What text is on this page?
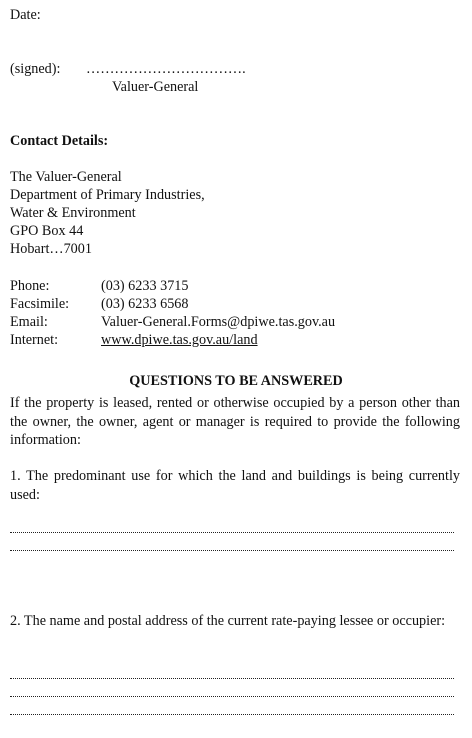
Date:
(signed): …………………………….
Valuer-General
Contact Details:
The Valuer-General
Department of Primary Industries,
Water & Environment
GPO Box 44
Hobart…7001
Phone:	(03) 6233 3715
Facsimile: (03) 6233 6568
Email:	Valuer-General.Forms@dpiwe.tas.gov.au
Internet:	www.dpiwe.tas.gov.au/land
QUESTIONS TO BE ANSWERED
If the property is leased, rented or otherwise occupied by a person other than the owner, the owner, agent or manager is required to provide the following information:
1. The predominant use for which the land and buildings is being currently used:
2. The name and postal address of the current rate-paying lessee or occupier:
